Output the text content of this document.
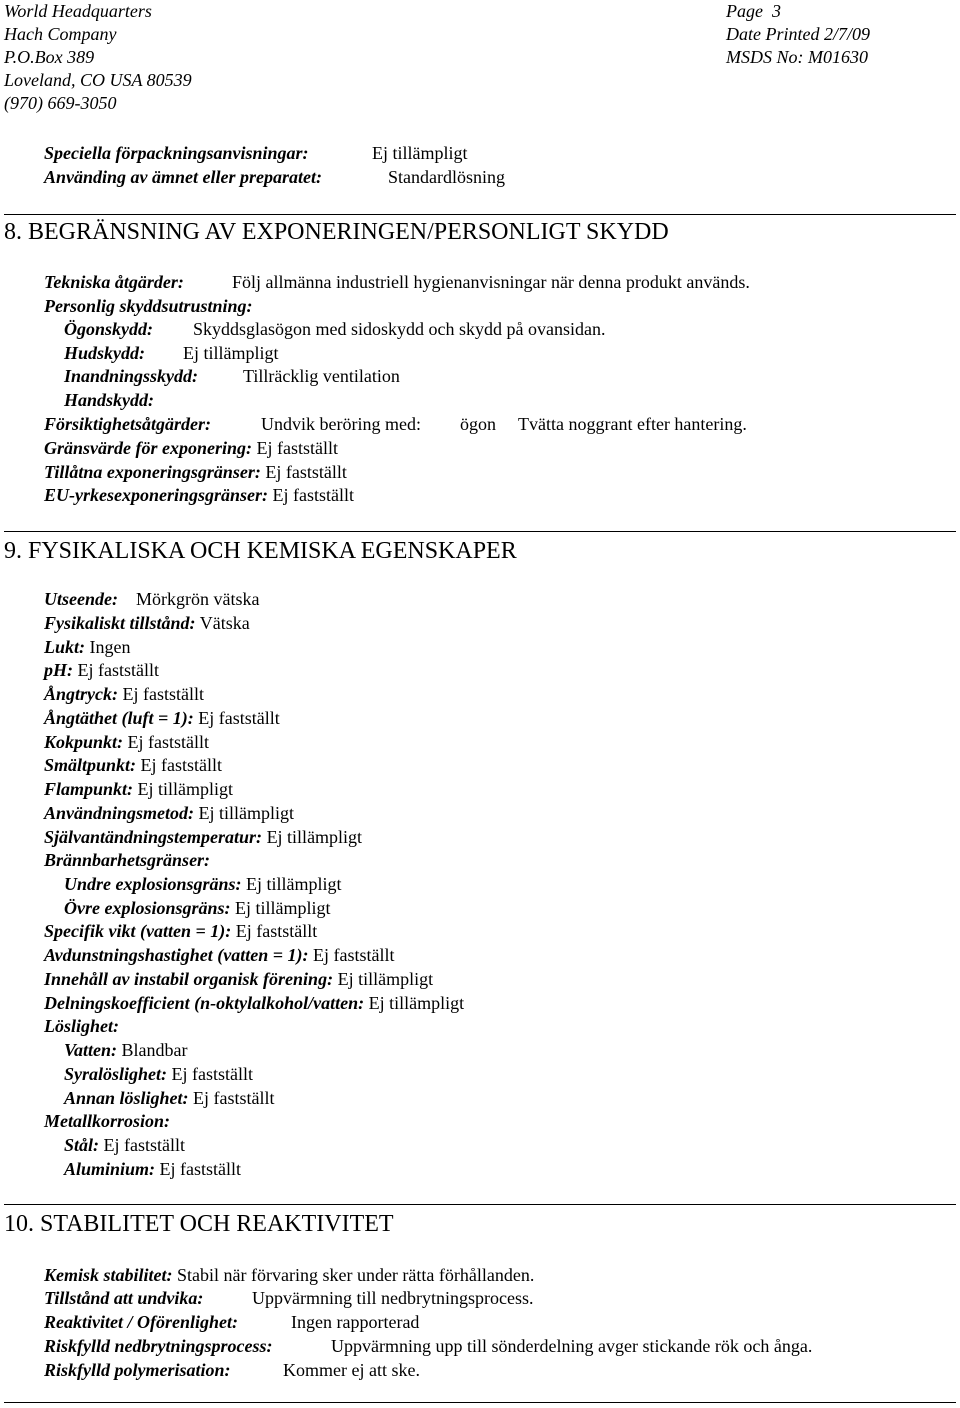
World Headquarters
Hach Company
P.O.Box 389
Loveland, CO USA 80539
(970) 669-3050
Page  3
Date Printed 2/7/09
MSDS No: M01630
Speciella förpackningsanvisningar:	Ej tillämpligt
Använding av ämnet eller preparatet:	Standardlösning
8. BEGRÄNSNING AV EXPONERINGEN/PERSONLIGT SKYDD
Tekniska åtgärder:	Följ allmänna industriell hygienanvisningar när denna produkt används.
Personlig skyddsutrustning:
Ögonskydd: Skyddsglasögon med sidoskydd och skydd på ovansidan.
Hudskydd: Ej tillämpligt
Inandningsskydd: Tillräcklig ventilation
Handskydd:
Försiktighetsåtgärder:	Undvik beröring med: ögon Tvätta noggrant efter hantering.
Gränsvärde för exponering: Ej fastställt
Tillåtna exponeringsgränser: Ej fastställt
EU-yrkesexponeringsgränser: Ej fastställt
9. FYSIKALISKA OCH KEMISKA EGENSKAPER
Utseende: Mörkgrön vätska
Fysikaliskt tillstånd: Vätska
Lukt: Ingen
pH: Ej fastställt
Ångtryck: Ej fastställt
Ångtäthet (luft = 1): Ej fastställt
Kokpunkt: Ej fastställt
Smältpunkt: Ej fastställt
Flampunkt: Ej tillämpligt
Användningsmetod: Ej tillämpligt
Självantändningstemperatur: Ej tillämpligt
Brännbarhetsgränser:
Undre explosionsgräns: Ej tillämpligt
Övre explosionsgräns: Ej tillämpligt
Specifik vikt (vatten = 1): Ej fastställt
Avdunstningshastighet (vatten = 1): Ej fastställt
Innehåll av instabil organisk förening: Ej tillämpligt
Delningskoefficient (n-oktylalkohol/vatten: Ej tillämpligt
Löslighet:
Vatten: Blandbar
Syralöslighet: Ej fastställt
Annan löslighet: Ej fastställt
Metallkorrosion:
Stål: Ej fastställt
Aluminium: Ej fastställt
10. STABILITET OCH REAKTIVITET
Kemisk stabilitet: Stabil när förvaring sker under rätta förhållanden.
Tillstånd att undvika:	Uppvärmning till nedbrytningsprocess.
Reaktivitet / Oförenlighet:	Ingen rapporterad
Riskfylld nedbrytningsprocess:	Uppvärmning upp till sönderdelning avger stickande rök och ånga.
Riskfylld polymerisation:	Kommer ej att ske.
